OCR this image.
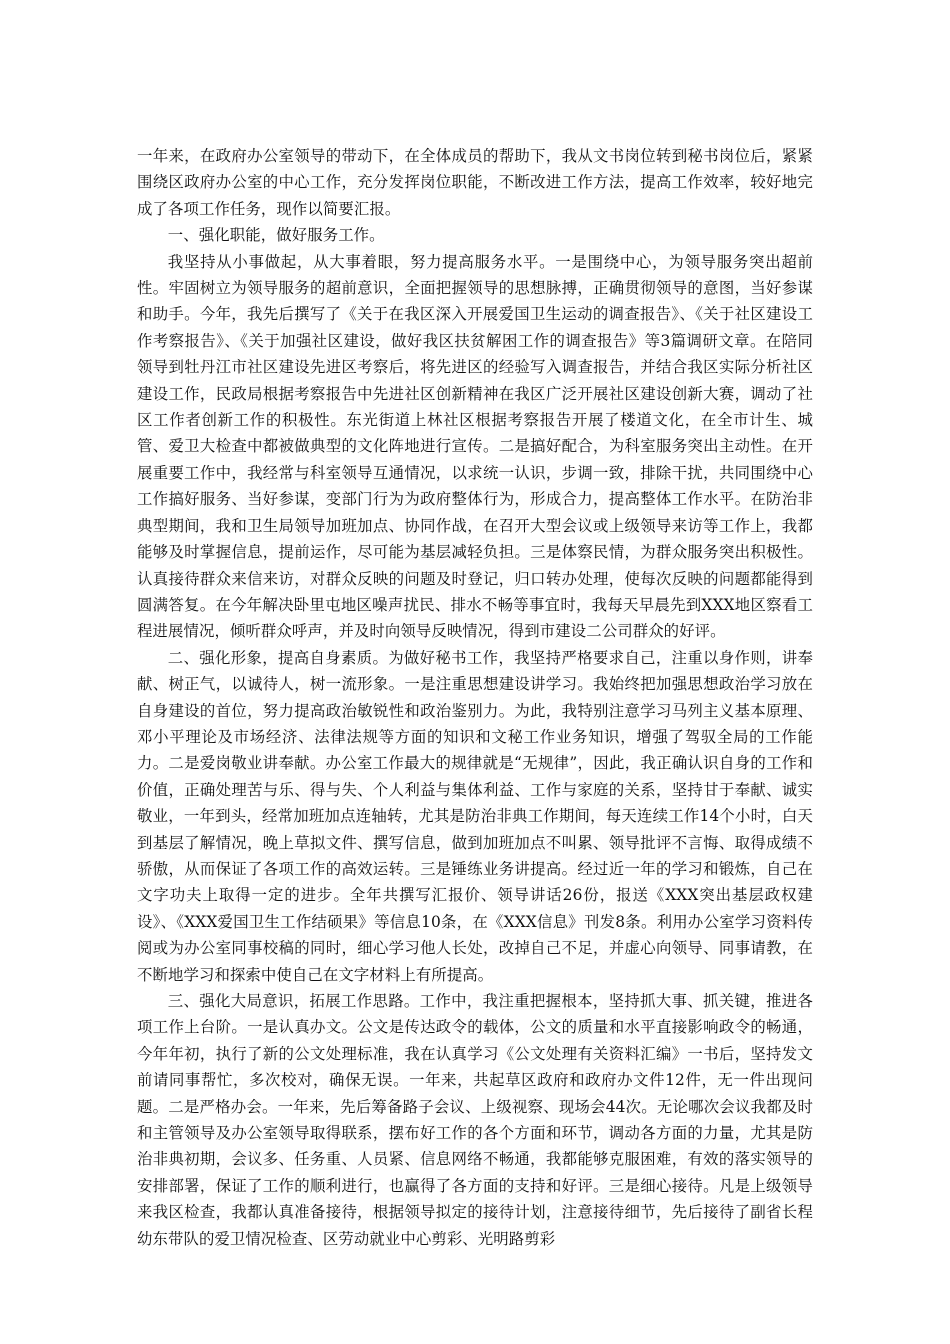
一年来，在政府办公室领导的带动下，在全体成员的帮助下，我从文书岗位转到秘书岗位后，紧紧围绕区政府办公室的中心工作，充分发挥岗位职能，不断改进工作方法，提高工作效率，较好地完成了各项工作任务，现作以简要汇报。

一、强化职能，做好服务工作。

我坚持从小事做起，从大事着眼，努力提高服务水平。一是围绕中心，为领导服务突出超前性。牢固树立为领导服务的超前意识，全面把握领导的思想脉搏，正确贯彻领导的意图，当好参谋和助手。今年，我先后撰写了《关于在我区深入开展爱国卫生运动的调查报告》、《关于社区建设工作考察报告》、《关于加强社区建设，做好我区扶贫解困工作的调查报告》等3篇调研文章。在陪同领导到牡丹江市社区建设先进区考察后，将先进区的经验写入调查报告，并结合我区实际分析社区建设工作，民政局根据考察报告中先进社区创新精神在我区广泛开展社区建设创新大赛，调动了社区工作者创新工作的积极性。东光街道上林社区根据考察报告开展了楼道文化，在全市计生、城管、爱卫大检查中都被做典型的文化阵地进行宣传。二是搞好配合，为科室服务突出主动性。在开展重要工作中，我经常与科室领导互通情况，以求统一认识，步调一致，排除干扰，共同围绕中心工作搞好服务、当好参谋，变部门行为为政府整体行为，形成合力，提高整体工作水平。在防治非典型期间，我和卫生局领导加班加点、协同作战，在召开大型会议或上级领导来访等工作上，我都能够及时掌握信息，提前运作，尽可能为基层减轻负担。三是体察民情，为群众服务突出积极性。认真接待群众来信来访，对群众反映的问题及时登记，归口转办处理，使每次反映的问题都能得到圆满答复。在今年解决卧里屯地区噪声扰民、排水不畅等事宜时，我每天早晨先到XXX地区察看工程进展情况，倾听群众呼声，并及时向领导反映情况，得到市建设二公司群众的好评。

二、强化形象，提高自身素质。为做好秘书工作，我坚持严格要求自己，注重以身作则，讲奉献、树正气，以诚待人，树一流形象。一是注重思想建设讲学习。我始终把加强思想政治学习放在自身建设的首位，努力提高政治敏锐性和政治鉴别力。为此，我特别注意学习马列主义基本原理、邓小平理论及市场经济、法律法规等方面的知识和文秘工作业务知识，增强了驾驭全局的工作能力。二是爱岗敬业讲奉献。办公室工作最大的规律就是“无规律”，因此，我正确认识自身的工作和价值，正确处理苦与乐、得与失、个人利益与集体利益、工作与家庭的关系，坚持甘于奉献、诚实敬业，一年到头，经常加班加点连轴转，尤其是防治非典工作期间，每天连续工作14个小时，白天到基层了解情况，晚上草拟文件、撰写信息，做到加班加点不叫累、领导批评不言悔、取得成绩不骄傲，从而保证了各项工作的高效运转。三是锤练业务讲提高。经过近一年的学习和锻炼，自己在文字功夫上取得一定的进步。全年共撰写汇报价、领导讲话26份，报送《XXX突出基层政权建设》、《XXX爱国卫生工作结硕果》等信息10条，在《XXX信息》刊发8条。利用办公室学习资料传阅或为办公室同事校稿的同时，细心学习他人长处，改掉自己不足，并虚心向领导、同事请教，在不断地学习和探索中使自己在文字材料上有所提高。

三、强化大局意识，拓展工作思路。工作中，我注重把握根本，坚持抓大事、抓关键，推进各项工作上台阶。一是认真办文。公文是传达政令的载体，公文的质量和水平直接影响政令的畅通，今年年初，执行了新的公文处理标准，我在认真学习《公文处理有关资料汇编》一书后，坚持发文前请同事帮忙，多次校对，确保无误。一年来，共起草区政府和政府办文件12件，无一件出现问题。二是严格办会。一年来，先后筹备路子会议、上级视察、现场会44次。无论哪次会议我都及时和主管领导及办公室领导取得联系，摆布好工作的各个方面和环节，调动各方面的力量，尤其是防治非典初期，会议多、任务重、人员紧、信息网络不畅通，我都能够克服困难，有效的落实领导的安排部署，保证了工作的顺利进行，也赢得了各方面的支持和好评。三是细心接待。凡是上级领导来我区检查，我都认真准备接待，根据领导拟定的接待计划，注意接待细节，先后接待了副省长程幼东带队的爱卫情况检查、区劳动就业中心剪彩、光明路剪彩
